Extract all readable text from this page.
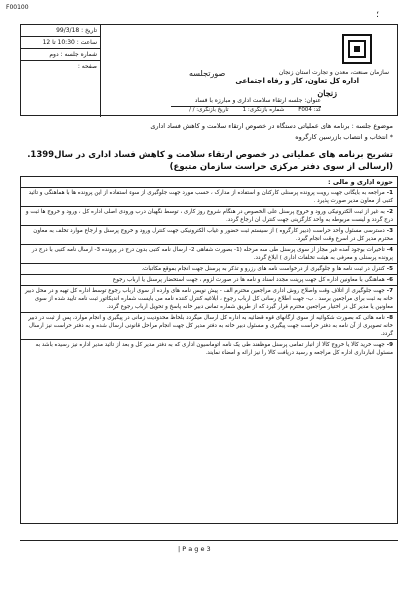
F00100
؛
تاریخ : 99/3/18
ساعت : 10:30 تا 12
شماره جلسه : دوم
صفحه :
سازمان صنعت، معدن و تجارت استان زنجان
اداره کل تعاون، کار و رفاه اجتماعی
زنجان
صورتجلسه
عنوان: جلسه ارتقاء سلامت اداری و مبارزه با فساد
کد: F004
شماره بازنگری: 1
تاریخ بازنگری: / /
موضوع جلسه : برنامه های عملیاتی دستگاه در خصوص ارتقاء سلامت و کاهش فساد اداری
* انتخاب و انتصاب بازرسین کارگروه
تشریح برنامه های عملیاتی در خصوص ارتقاء سلامت و کاهش فساد اداری در سال1399.
(ارسالی از سوی دفتر مرکزی حراست سازمان متبوع)
حوزه اداری و مالی :
1-مراجعه به بایگانی جهت رویت پرونده پرسنلی کارکنان و استفاده از مدارک ، حسب مورد جهت جلوگیری از سوء استفاده از این پرونده ها با هماهنگی و تائید کتبی از معاون مدیر صورت پذیرد .
2-به غیر از ثبت الکترونیکی ورود و خروج پرسنل علی الخصوص در هنگام شروع روز کاری ، توسط نگهبان درب ورودی اصلی اداره کل ، ورود و خروج ها ثبت و درج گردد و لیست مربوطه به واحد کارگزینی جهت کنترل ان ارجاع گردد.
3-دسترسی مسئول واحد حراست (دبیر کارگروه ) از سیستم ثبت حضور و غیاب الکترونیکی جهت کنترل ورود و خروج پرسنل و ارجاع موارد تخلف به معاون محترم مدیر کل در اسرع وقت انجام گیرد.
4-تاخیرات بوجود آمده غیر مجاز از سوی پرسنل طی سه مرحله (1- بصورت شفاهی 2- ارسال نامه کتبی بدون درج در پرونده 3- ارسال نامه کتبی با درج در پرونده پرسنلی و معرفی به هیئت تخلفات اداری ) ابلاغ گردد.
5-کنترل در ثبت نامه ها و جلوگیری از درخواست نامه های رزرو و تذکر به پرسنل جهت انجام بموقع مکاتبات.
6-هماهنگی با معاونین اداره کل جهت پرینت مجدد اسناد و نامه ها در صورت لزوم ، جهت استحضار پرسنل یا ارباب رجوع
7-جهت جلوگیری از اتلاف وقت واصلاح روش اداری مراجعین محترم الف - پیش نویس نامه های وارده از سوی ارباب رجوع توسط اداره کل تهیه و در محل دبیر خانه به ثبت برای مراجعین برسد . ب- جهت اطلاع رسانی کل ارباب رجوع ، ابلاغیه کنترل کننده نامه می بایست شماره اندیکاتور ثبت نامه تایید شده از سوی معاونین یا مدیر کل در اختیار مراجعین محترم قرار گیرد که از طریق شماره تماس دبیر خانه پاسخ و تحویل ارباب رجوع گردد.
8-نامه هائی که بصورت شکوائیه از سوی ارگانهای قوه قضائیه به اداره کل ارسال میگردد بلحاظ محدودیت زمانی در پیگیری و انجام موارد، پس از ثبت در دبیر خانه تصویری از آن نامه به دفتر حراست جهت پیگیری و مسئول دبیر خانه به دفتر مدیر کل جهت انجام مراحل قانونی ارسال شده و به دفتر حراست نیز ارسال گردد.
9-جهت خرید کالا یا خروج کالا از انبار تمامی پرسنل موظفند طی یک نامه اتوماسیون اداری که به دفتر مدیر کل و بعد از تائید مدیر اداره نیز رسیده باشد به مسئول انبارداری اداره کل مراجعه و رسید دریافت کالا را نیز ارائه و امضاء نمایند.
| P a g e 3
